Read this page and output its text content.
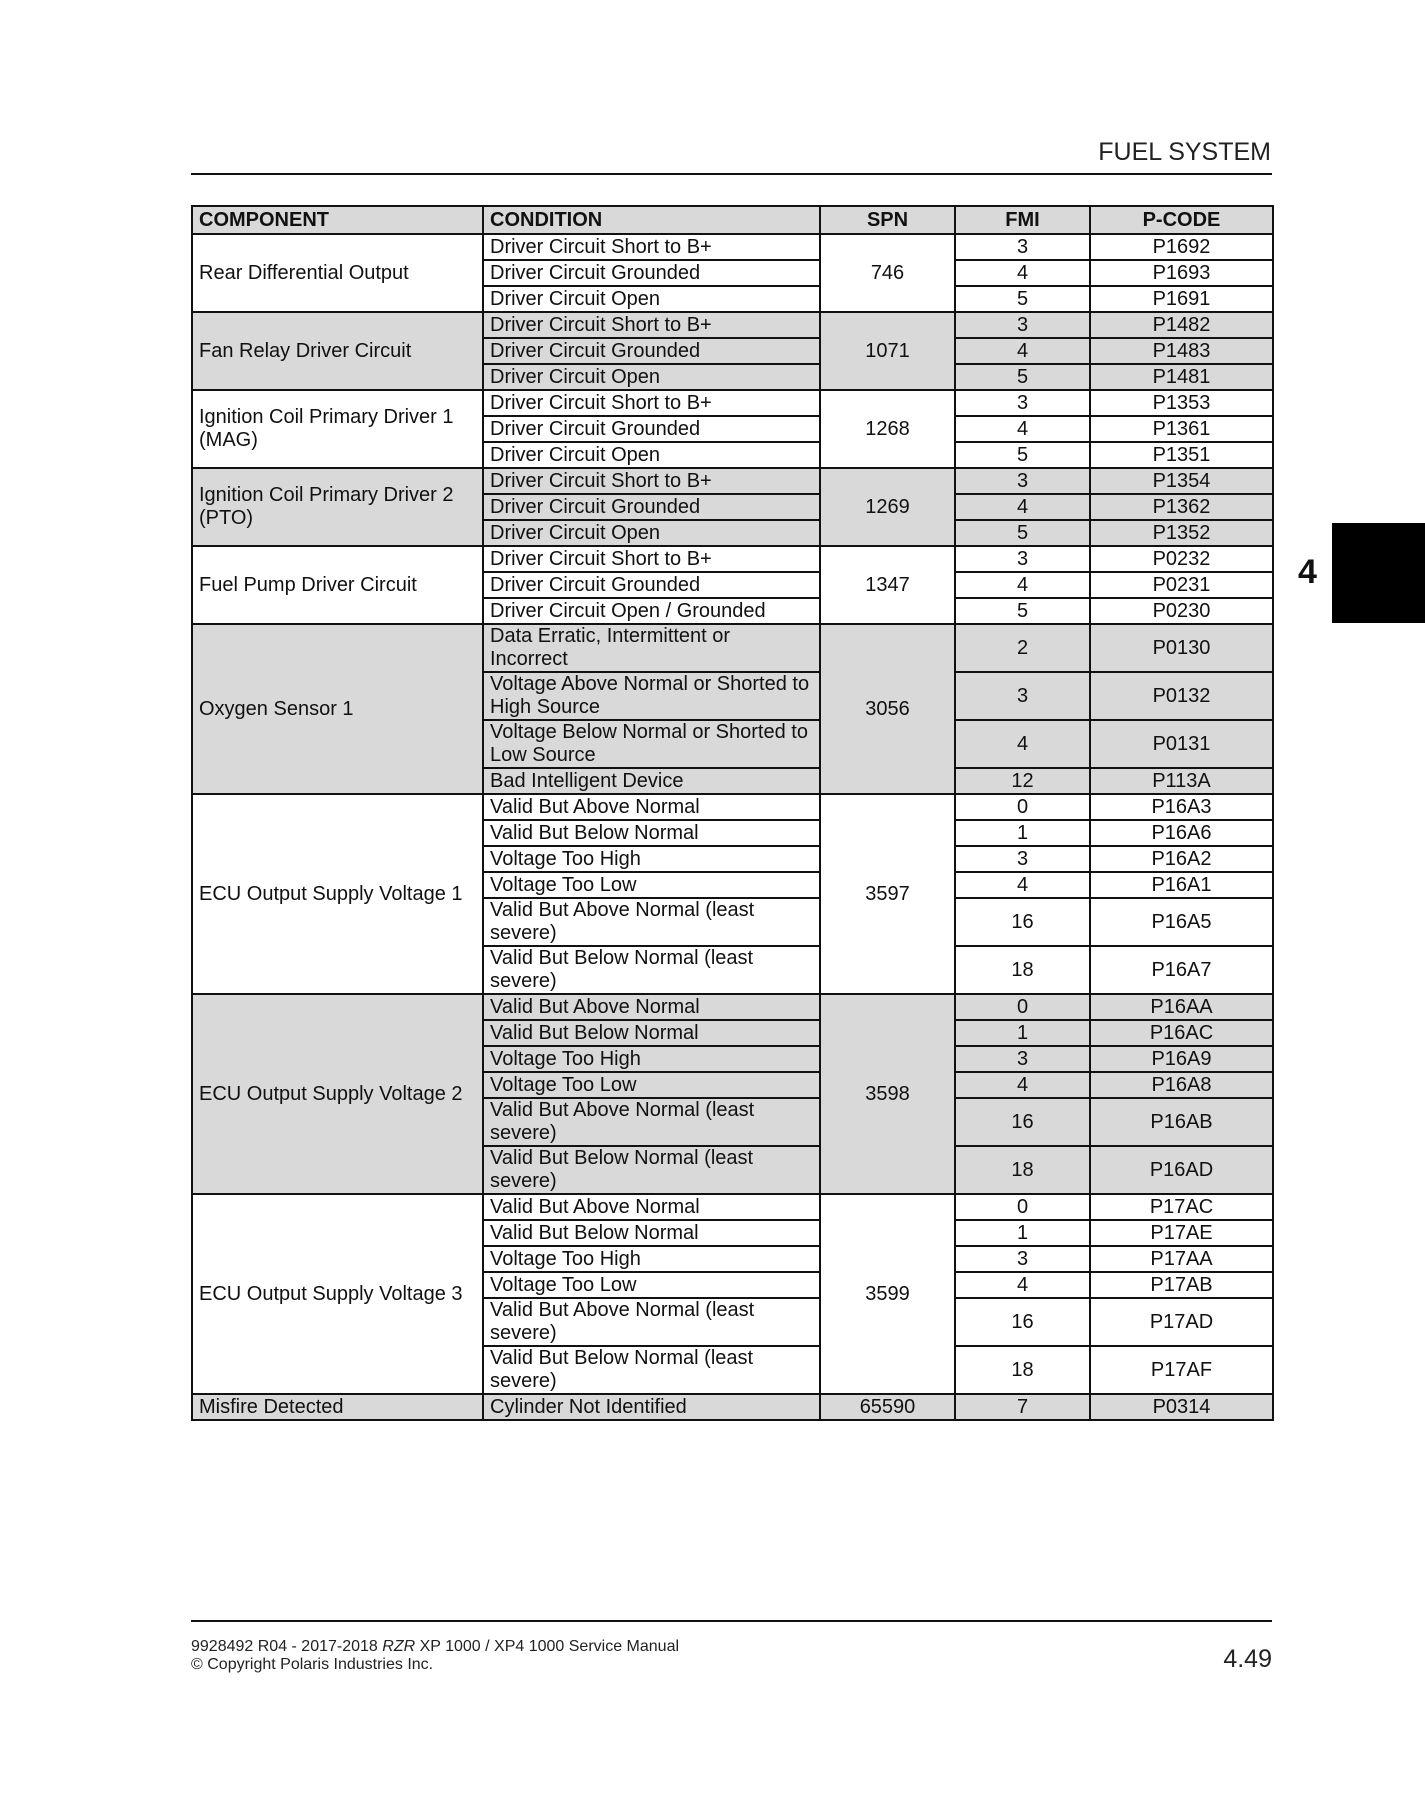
FUEL SYSTEM
4
COMPONENT	CONDITION	SPN	FMI	P-CODE
Rear Differential Output	Driver Circuit Short to B+	746	3	P1692
	Driver Circuit Grounded		4	P1693
	Driver Circuit Open		5	P1691
Fan Relay Driver Circuit	Driver Circuit Short to B+	1071	3	P1482
	Driver Circuit Grounded		4	P1483
	Driver Circuit Open		5	P1481
Ignition Coil Primary Driver 1 (MAG)	Driver Circuit Short to B+	1268	3	P1353
	Driver Circuit Grounded		4	P1361
	Driver Circuit Open		5	P1351
Ignition Coil Primary Driver 2 (PTO)	Driver Circuit Short to B+	1269	3	P1354
	Driver Circuit Grounded		4	P1362
	Driver Circuit Open		5	P1352
Fuel Pump Driver Circuit	Driver Circuit Short to B+	1347	3	P0232
	Driver Circuit Grounded		4	P0231
	Driver Circuit Open / Grounded		5	P0230
Oxygen Sensor 1	Data Erratic, Intermittent or Incorrect	3056	2	P0130
	Voltage Above Normal or Shorted to High Source		3	P0132
	Voltage Below Normal or Shorted to Low Source		4	P0131
	Bad Intelligent Device		12	P113A
ECU Output Supply Voltage 1	Valid But Above Normal	3597	0	P16A3
	Valid But Below Normal		1	P16A6
	Voltage Too High		3	P16A2
	Voltage Too Low		4	P16A1
	Valid But Above Normal (least severe)		16	P16A5
	Valid But Below Normal (least severe)		18	P16A7
ECU Output Supply Voltage 2	Valid But Above Normal	3598	0	P16AA
	Valid But Below Normal		1	P16AC
	Voltage Too High		3	P16A9
	Voltage Too Low		4	P16A8
	Valid But Above Normal (least severe)		16	P16AB
	Valid But Below Normal (least severe)		18	P16AD
ECU Output Supply Voltage 3	Valid But Above Normal	3599	0	P17AC
	Valid But Below Normal		1	P17AE
	Voltage Too High		3	P17AA
	Voltage Too Low		4	P17AB
	Valid But Above Normal (least severe)		16	P17AD
	Valid But Below Normal (least severe)		18	P17AF
Misfire Detected	Cylinder Not Identified	65590	7	P0314
9928492 R04 - 2017-2018 RZR XP 1000 / XP4 1000 Service Manual
© Copyright Polaris Industries Inc.	4.49
